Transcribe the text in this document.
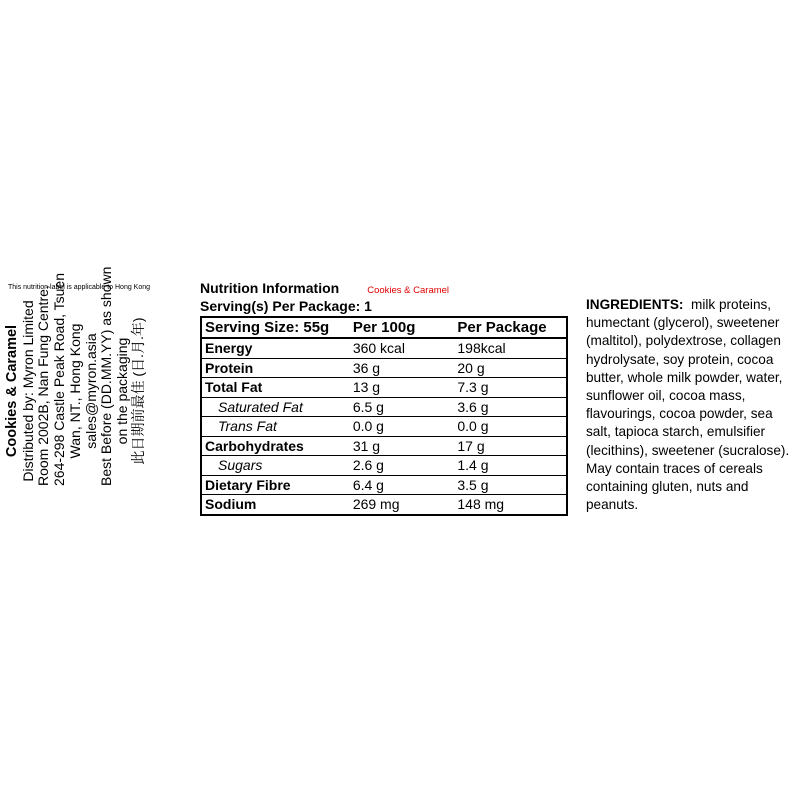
This nutrition label is applicable to Hong Kong
Cookies & Caramel Distributed by: Myron Limited Room 2002B, Nan Fung Centre, 264-298 Castle Peak Road, Tsuen Wan, NT., Hong Kong sales@myron.asia Best Before (DD.MM.YY) as shown on the packaging 此日期前最佳 (日.月.年)
Nutrition Information	Cookies & Caramel
Serving(s) Per Package: 1
Serving Size: 55g	Per 100g	Per Package
Energy	360 kcal	198kcal
Protein	36 g	20 g
Total Fat	13 g	7.3 g
Saturated Fat	6.5 g	3.6 g
Trans Fat	0.0 g	0.0 g
Carbohydrates	31 g	17 g
Sugars	2.6 g	1.4 g
Dietary Fibre	6.4 g	3.5 g
Sodium	269 mg	148 mg
INGREDIENTS: milk proteins, humectant (glycerol), sweetener (maltitol), polydextrose, collagen hydrolysate, soy protein, cocoa butter, whole milk powder, water, sunflower oil, cocoa mass, flavourings, cocoa powder, sea salt, tapioca starch, emulsifier (lecithins), sweetener (sucralose). May contain traces of cereals containing gluten, nuts and peanuts.
